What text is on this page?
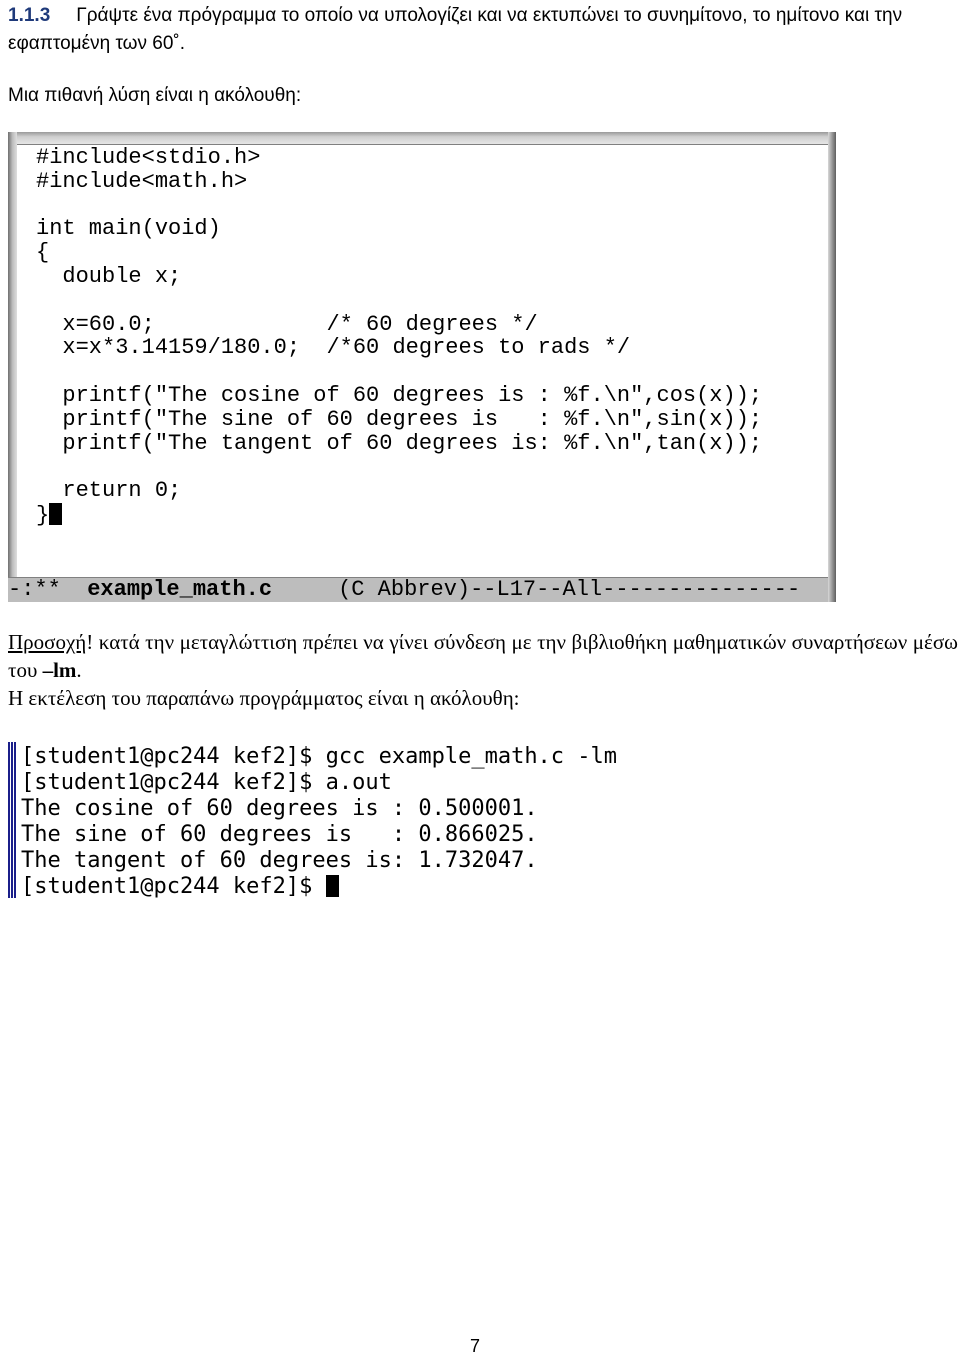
1.1.3 Γράψτε ένα πρόγραμμα το οποίο να υπολογίζει και να εκτυπώνει το συνημίτονο, το ημίτονο και την εφαπτομένη των 60˚.
Μια πιθανή λύση είναι η ακόλουθη:
#include<stdio.h>
#include<math.h>

int main(void)
{
double x;

x=60.0;             /* 60 degrees */
x=x*3.14159/180.0;  /*60 degrees to rads */

printf("The cosine of 60 degrees is : %f.\n",cos(x));
printf("The sine of 60 degrees is   : %f.\n",sin(x));
printf("The tangent of 60 degrees is: %f.\n",tan(x));

return 0;
}
-:**  example_math.c     (C Abbrev)--L17--All---------------
Προσοχή! κατά την μεταγλώττιση πρέπει να γίνει σύνδεση με την βιβλιοθήκη μαθηματικών συναρτήσεων μέσω του –lm.
Η εκτέλεση του παραπάνω προγράμματος είναι η ακόλουθη:
[student1@pc244 kef2]$ gcc example_math.c -lm
[student1@pc244 kef2]$ a.out
The cosine of 60 degrees is : 0.500001.
The sine of 60 degrees is   : 0.866025.
The tangent of 60 degrees is: 1.732047.
[student1@pc244 kef2]$
7
